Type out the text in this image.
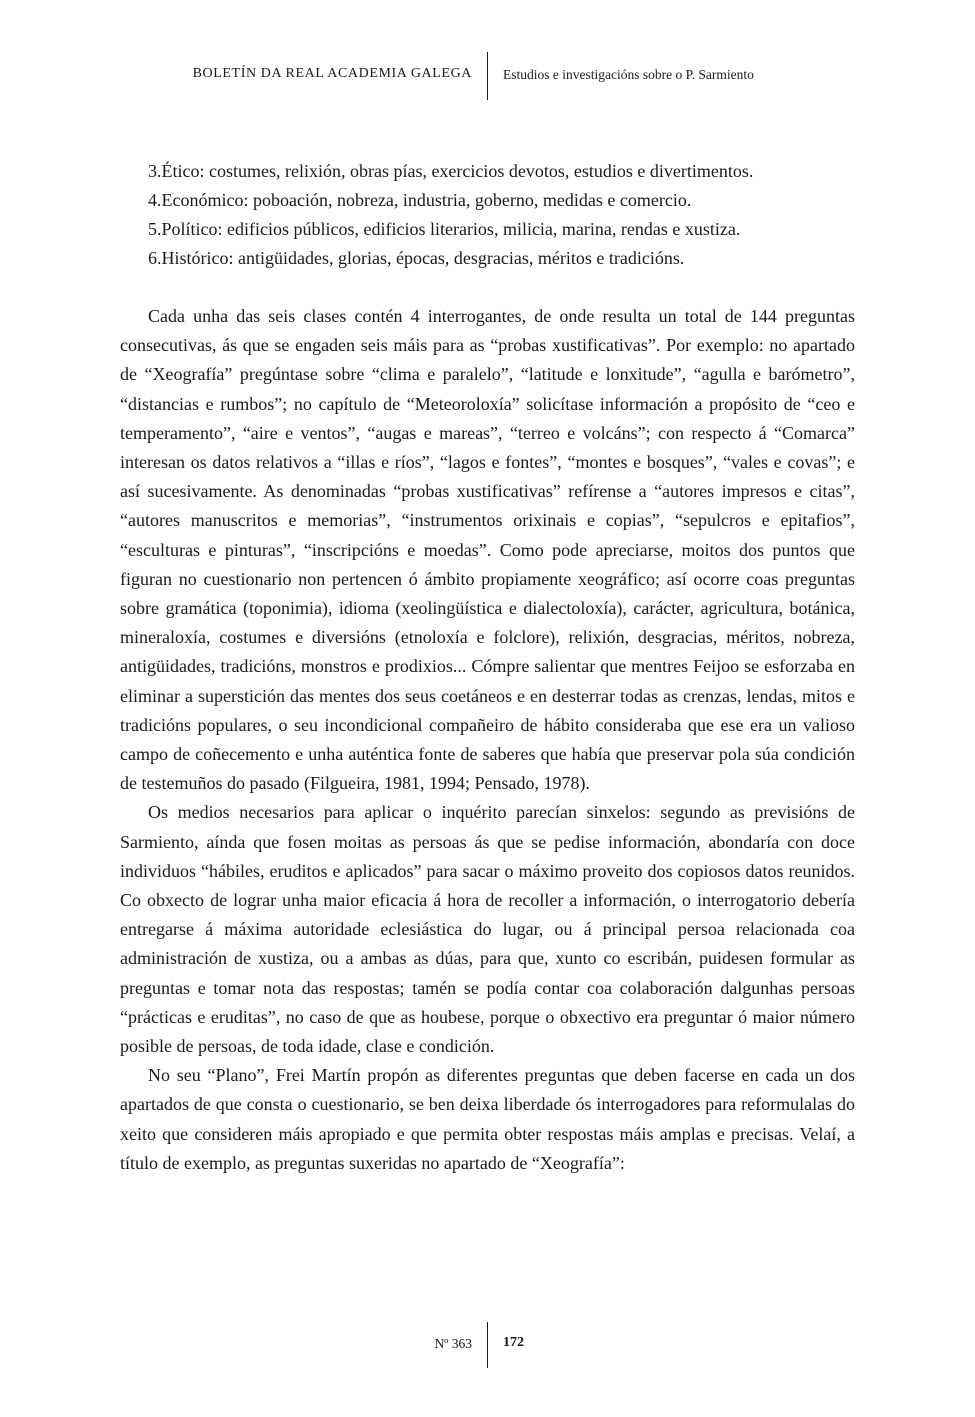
BOLETÍN DA REAL ACADEMIA GALEGA Estudios e investigacións sobre o P. Sarmiento
3.Ético: costumes, relixión, obras pías, exercicios devotos, estudios e divertimentos.
4.Económico: poboación, nobreza, industria, goberno, medidas e comercio.
5.Político: edificios públicos, edificios literarios, milicia, marina, rendas e xustiza.
6.Histórico: antigüidades, glorias, épocas, desgracias, méritos e tradicións.

Cada unha das seis clases contén 4 interrogantes, de onde resulta un total de 144 preguntas consecutivas, ás que se engaden seis máis para as “probas xustificativas”. Por exemplo: no apartado de “Xeografía” pregúntase sobre “clima e paralelo”, “latitude e lonxitude”, “agulla e barómetro”, “distancias e rumbos”; no capítulo de “Meteoroloxía” solicítase información a propósito de “ceo e temperamento”, “aire e ventos”, “augas e mareas”, “terreo e volcáns”; con respecto á “Comarca” interesan os datos relativos a “illas e ríos”, “lagos e fontes”, “montes e bosques”, “vales e covas”; e así sucesivamente. As denominadas “probas xustificativas” refírense a “autores impresos e citas”, “autores manuscritos e memorias”, “instrumentos orixinais e copias”, “sepulcros e epitafios”, “esculturas e pinturas”, “inscripcións e moedas”. Como pode apreciarse, moitos dos puntos que figuran no cuestionario non pertencen ó ámbito propiamente xeográfico; así ocorre coas preguntas sobre gramática (toponimia), idioma (xeolingüística e dialectoloxía), carácter, agricultura, botánica, mineraloxía, costumes e diversións (etnoloxía e folclore), relixión, desgracias, méritos, nobreza, antigüidades, tradicións, monstros e prodixios... Cómpre salientar que mentres Feijoo se esforzaba en eliminar a superstición das mentes dos seus coetáneos e en desterrar todas as crenzas, lendas, mitos e tradicións populares, o seu incondicional compañeiro de hábito consideraba que ese era un valioso campo de coñecemento e unha auténtica fonte de saberes que había que preservar pola súa condición de testemuños do pasado (Filgueira, 1981, 1994; Pensado, 1978).

Os medios necesarios para aplicar o inquérito parecían sinxelos: segundo as previsións de Sarmiento, aínda que fosen moitas as persoas ás que se pedise información, abondaría con doce individuos “hábiles, eruditos e aplicados” para sacar o máximo proveito dos copiosos datos reunidos. Co obxecto de lograr unha maior eficacia á hora de recoller a información, o interrogatorio debería entregarse á máxima autoridade eclesiástica do lugar, ou á principal persoa relacionada coa administración de xustiza, ou a ambas as dúas, para que, xunto co escribán, puidesen formular as preguntas e tomar nota das respostas; tamén se podía contar coa colaboración dalgunhas persoas “prácticas e eruditas”, no caso de que as houbese, porque o obxectivo era preguntar ó maior número posible de persoas, de toda idade, clase e condición.

No seu “Plano”, Frei Martín propón as diferentes preguntas que deben facerse en cada un dos apartados de que consta o cuestionario, se ben deixa liberdade ós interrogadores para reformulalas do xeito que consideren máis apropiado e que permita obter respostas máis amplas e precisas. Velaí, a título de exemplo, as preguntas suxeridas no apartado de “Xeografía”:

Nº 363 172
